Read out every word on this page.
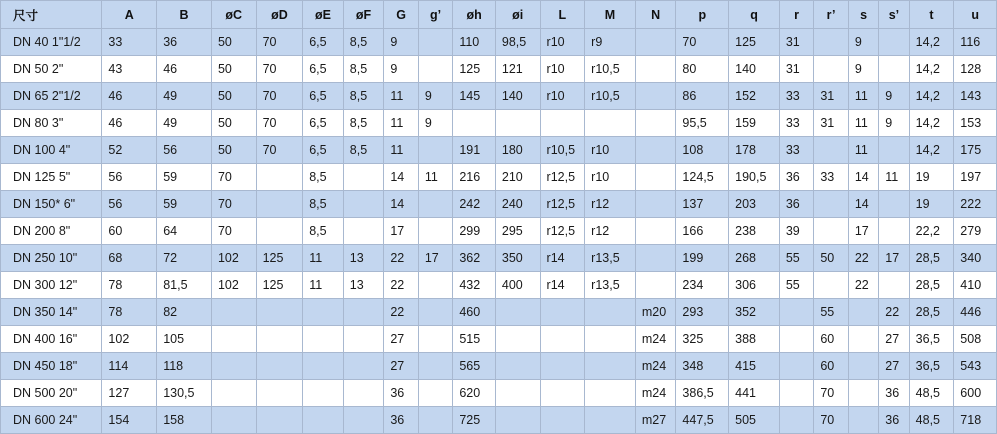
尺寸	A	B	øC	øD	øE	øF	G	g’	øh	øi	L	M	N	p	q	r	r’	s	s’	t	u
DN 40 1"1/2	33	36	50	70	6,5	8,5	9		110	98,5	r10	r9		70	125	31		9		14,2	116
DN 50 2"	43	46	50	70	6,5	8,5	9		125	121	r10	r10,5		80	140	31		9		14,2	128
DN 65 2"1/2	46	49	50	70	6,5	8,5	11	9	145	140	r10	r10,5		86	152	33	31	11	9	14,2	143
DN 80 3"	46	49	50	70	6,5	8,5	11	9						95,5	159	33	31	11	9	14,2	153
DN 100 4"	52	56	50	70	6,5	8,5	11		191	180	r10,5	r10		108	178	33		11		14,2	175
DN 125 5"	56	59	70		8,5		14	11	216	210	r12,5	r10		124,5	190,5	36	33	14	11	19	197
DN 150* 6"	56	59	70		8,5		14		242	240	r12,5	r12		137	203	36		14		19	222
DN 200 8"	60	64	70		8,5		17		299	295	r12,5	r12		166	238	39		17		22,2	279
DN 250 10"	68	72	102	125	11	13	22	17	362	350	r14	r13,5		199	268	55	50	22	17	28,5	340
DN 300 12"	78	81,5	102	125	11	13	22		432	400	r14	r13,5		234	306	55		22		28,5	410
DN 350 14"	78	82					22		460				m20	293	352		55		22	28,5	446
DN 400 16"	102	105					27		515				m24	325	388		60		27	36,5	508
DN 450 18"	114	118					27		565				m24	348	415		60		27	36,5	543
DN 500 20"	127	130,5					36		620				m24	386,5	441		70		36	48,5	600
DN 600 24"	154	158					36		725				m27	447,5	505		70		36	48,5	718
